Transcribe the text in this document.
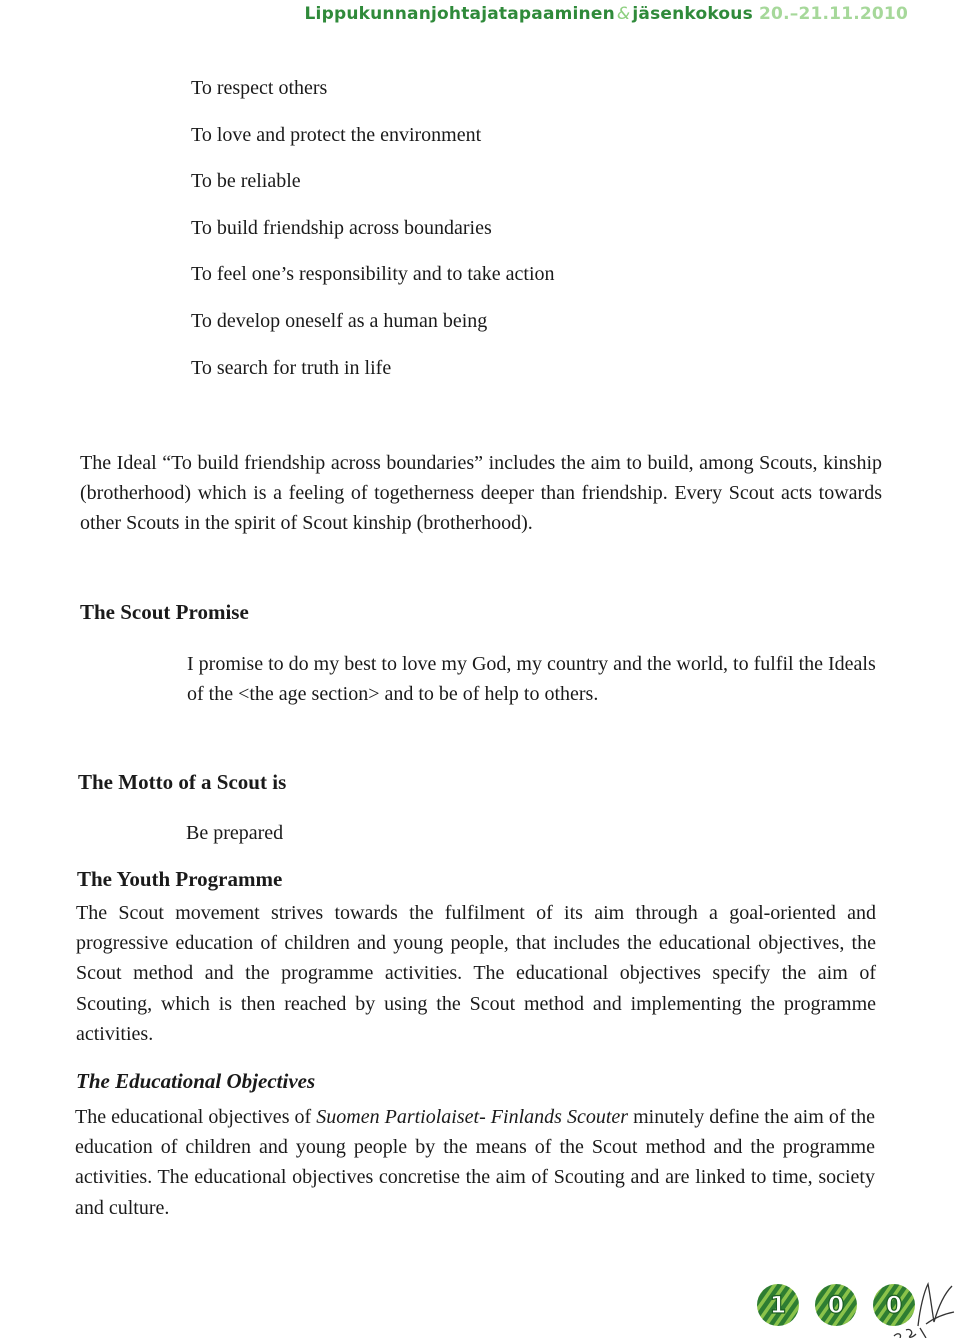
Lippukunnanjohtajatapaaminen & jäsenkokous 20.–21.11.2010
To respect others
To love and protect the environment
To be reliable
To build friendship across boundaries
To feel one’s responsibility and to take action
To develop oneself as a human being
To search for truth in life

The Ideal “To build friendship across boundaries” includes the aim to build, among Scouts, kinship (brotherhood) which is a feeling of togetherness deeper than friendship. Every Scout acts towards other Scouts in the spirit of Scout kinship (brotherhood).

The Scout Promise

I promise to do my best to love my God, my country and the world, to fulfil the Ideals of the <the age section> and to be of help to others.

The Motto of a Scout is

Be prepared

The Youth Programme

The Scout movement strives towards the fulfilment of its aim through a goal-oriented and progressive education of children and young people, that includes the educational objectives, the Scout method and the programme activities. The educational objectives specify the aim of Scouting, which is then reached by using the Scout method and implementing the programme activities.

The Educational Objectives

The educational objectives of Suomen Partiolaiset- Finlands Scouter minutely define the aim of the education of children and young people by the means of the Scout method and the programme activities. The educational objectives concretise the aim of Scouting and are linked to time, society and culture.

1 0 0
